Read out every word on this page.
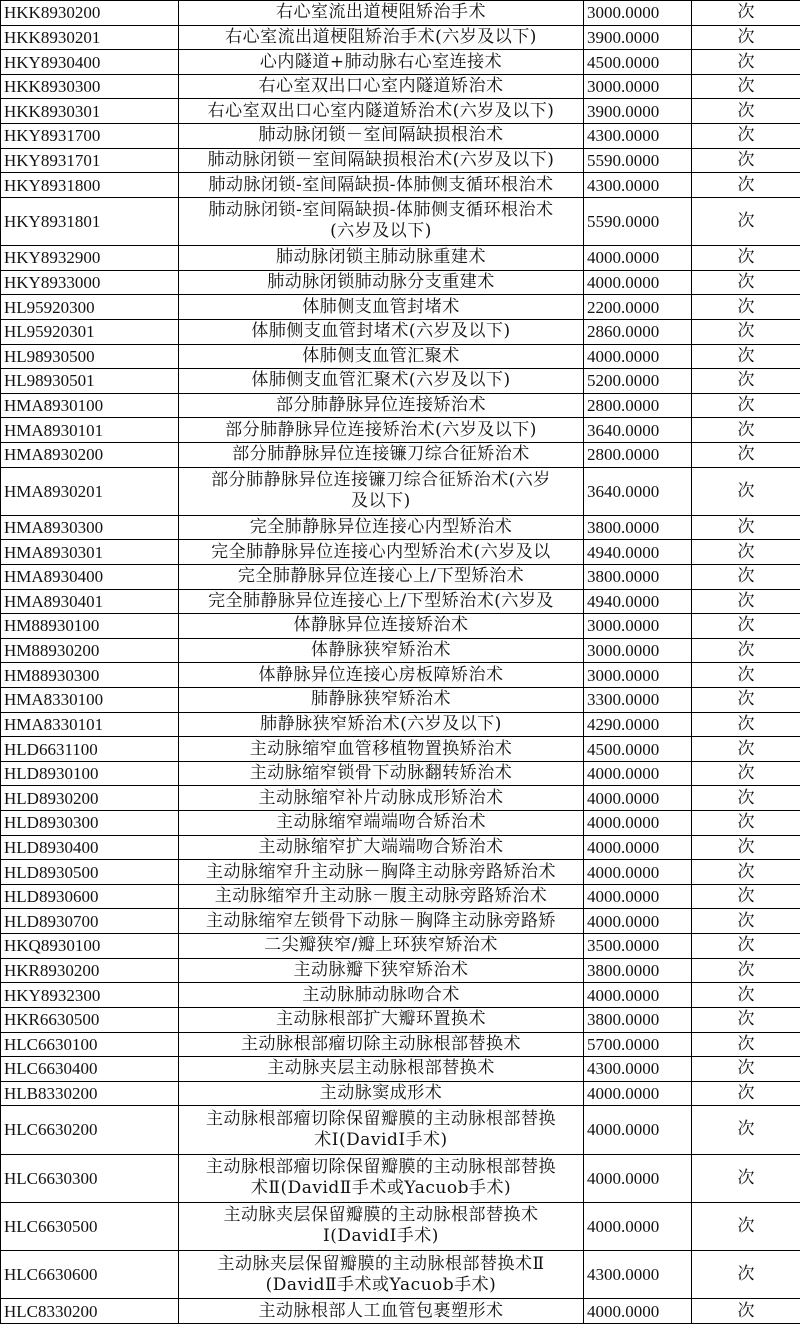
HKK8930200	右心室流出道梗阻矫治手术	3000.0000	次
HKK8930201	右心室流出道梗阻矫治手术(六岁及以下)	3900.0000	次
HKY8930400	心内隧道+肺动脉右心室连接术	4500.0000	次
HKK8930300	右心室双出口心室内隧道矫治术	3000.0000	次
HKK8930301	右心室双出口心室内隧道矫治术(六岁及以下)	3900.0000	次
HKY8931700	肺动脉闭锁－室间隔缺损根治术	4300.0000	次
HKY8931701	肺动脉闭锁－室间隔缺损根治术(六岁及以下)	5590.0000	次
HKY8931800	肺动脉闭锁-室间隔缺损-体肺侧支循环根治术	4300.0000	次
HKY8931801	肺动脉闭锁-室间隔缺损-体肺侧支循环根治术
(六岁及以下)	5590.0000	次
HKY8932900	肺动脉闭锁主肺动脉重建术	4000.0000	次
HKY8933000	肺动脉闭锁肺动脉分支重建术	4000.0000	次
HL95920300	体肺侧支血管封堵术	2200.0000	次
HL95920301	体肺侧支血管封堵术(六岁及以下)	2860.0000	次
HL98930500	体肺侧支血管汇聚术	4000.0000	次
HL98930501	体肺侧支血管汇聚术(六岁及以下)	5200.0000	次
HMA8930100	部分肺静脉异位连接矫治术	2800.0000	次
HMA8930101	部分肺静脉异位连接矫治术(六岁及以下)	3640.0000	次
HMA8930200	部分肺静脉异位连接镰刀综合征矫治术	2800.0000	次
HMA8930201	部分肺静脉异位连接镰刀综合征矫治术(六岁
及以下)	3640.0000	次
HMA8930300	完全肺静脉异位连接心内型矫治术	3800.0000	次
HMA8930301	完全肺静脉异位连接心内型矫治术(六岁及以	4940.0000	次
HMA8930400	完全肺静脉异位连接心上/下型矫治术	3800.0000	次
HMA8930401	完全肺静脉异位连接心上/下型矫治术(六岁及	4940.0000	次
HM88930100	体静脉异位连接矫治术	3000.0000	次
HM88930200	体静脉狭窄矫治术	3000.0000	次
HM88930300	体静脉异位连接心房板障矫治术	3000.0000	次
HMA8330100	肺静脉狭窄矫治术	3300.0000	次
HMA8330101	肺静脉狭窄矫治术(六岁及以下)	4290.0000	次
HLD6631100	主动脉缩窄血管移植物置换矫治术	4500.0000	次
HLD8930100	主动脉缩窄锁骨下动脉翻转矫治术	4000.0000	次
HLD8930200	主动脉缩窄补片动脉成形矫治术	4000.0000	次
HLD8930300	主动脉缩窄端端吻合矫治术	4000.0000	次
HLD8930400	主动脉缩窄扩大端端吻合矫治术	4000.0000	次
HLD8930500	主动脉缩窄升主动脉－胸降主动脉旁路矫治术	4000.0000	次
HLD8930600	主动脉缩窄升主动脉－腹主动脉旁路矫治术	4000.0000	次
HLD8930700	主动脉缩窄左锁骨下动脉－胸降主动脉旁路矫	4000.0000	次
HKQ8930100	二尖瓣狭窄/瓣上环狭窄矫治术	3500.0000	次
HKR8930200	主动脉瓣下狭窄矫治术	3800.0000	次
HKY8932300	主动脉肺动脉吻合术	4000.0000	次
HKR6630500	主动脉根部扩大瓣环置换术	3800.0000	次
HLC6630100	主动脉根部瘤切除主动脉根部替换术	5700.0000	次
HLC6630400	主动脉夹层主动脉根部替换术	4300.0000	次
HLB8330200	主动脉窦成形术	4000.0000	次
HLC6630200	主动脉根部瘤切除保留瓣膜的主动脉根部替换
术Ⅰ(DavidⅠ手术)	4000.0000	次
HLC6630300	主动脉根部瘤切除保留瓣膜的主动脉根部替换
术Ⅱ(DavidⅡ手术或Yacuob手术)	4000.0000	次
HLC6630500	主动脉夹层保留瓣膜的主动脉根部替换术
Ⅰ(DavidⅠ手术)	4000.0000	次
HLC6630600	主动脉夹层保留瓣膜的主动脉根部替换术Ⅱ
(DavidⅡ手术或Yacuob手术)	4300.0000	次
HLC8330200	主动脉根部人工血管包裹塑形术	4000.0000	次
